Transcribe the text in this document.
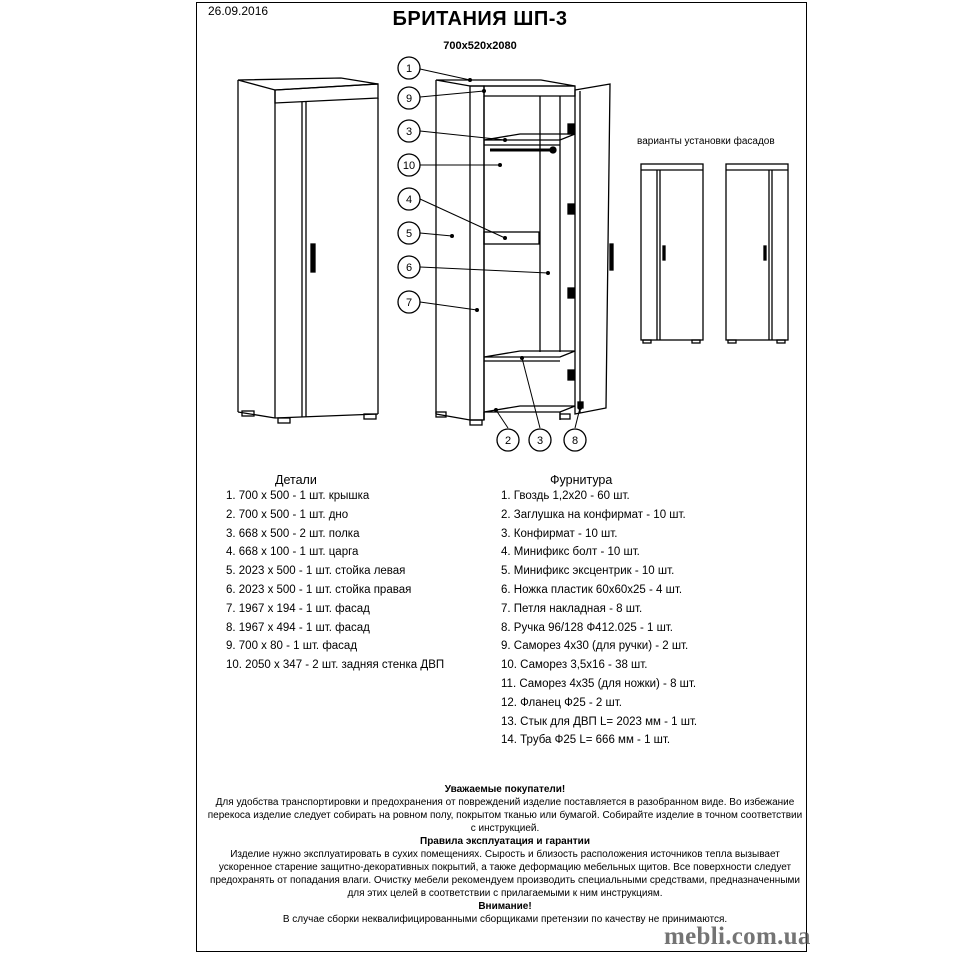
26.09.2016	БРИТАНИЯ ШП-3
700х520х2080
1
9
3
10
4
5
6
7
2 3	8
варианты установки фасадов
Детали
1. 700 х 500 - 1 шт. крышка
2. 700 х 500 - 1 шт. дно
3. 668 х 500 - 2 шт. полка
4. 668 х 100 - 1 шт. царга
5. 2023 х 500 - 1 шт. стойка левая
6. 2023 х 500 - 1 шт. стойка правая
7. 1967 х 194 - 1 шт. фасад
8. 1967 х 494 - 1 шт. фасад
9. 700 х 80 - 1 шт. фасад
10. 2050 х 347 - 2 шт. задняя стенка ДВП
Фурнитура
1. Гвоздь 1,2х20 - 60 шт.
2. Заглушка на конфирмат - 10 шт.
3. Конфирмат - 10 шт.
4. Минификс болт - 10 шт.
5. Минификс эксцентрик - 10 шт.
6. Ножка пластик 60х60х25 - 4 шт.
7. Петля накладная - 8 шт.
8. Ручка 96/128 Ф412.025 - 1 шт.
9. Саморез 4х30 (для ручки) - 2 шт.
10. Саморез 3,5х16 - 38 шт.
11. Саморез 4х35 (для ножки) - 8 шт.
12. Фланец Ф25 - 2 шт.
13. Стык для ДВП L= 2023 мм - 1 шт.
14. Труба Ф25 L= 666 мм - 1 шт.

Уважаемые покупатели!

Для удобства транспортировки и предохранения от повреждений изделие поставляется в разобранном виде. Во избежание перекоса изделие следует собирать на ровном полу, покрытом тканью или бумагой. Собирайте изделие в точном соответствии с инструкцией.

Правила эксплуатация и гарантии

Изделие нужно эксплуатировать в сухих помещениях. Сырость и близость расположения источников тепла вызывает ускоренное старение защитно-декоративных покрытий, а также деформацию мебельных щитов. Все поверхности следует предохранять от попадания влаги. Очистку мебели рекомендуем производить специальными средствами, предназначенными для этих целей в соответствии с прилагаемыми к ним инструкциям.

Внимание!

В случае сборки неквалифицированными сборщиками претензии по качеству не принимаются.

mebli.com.ua
